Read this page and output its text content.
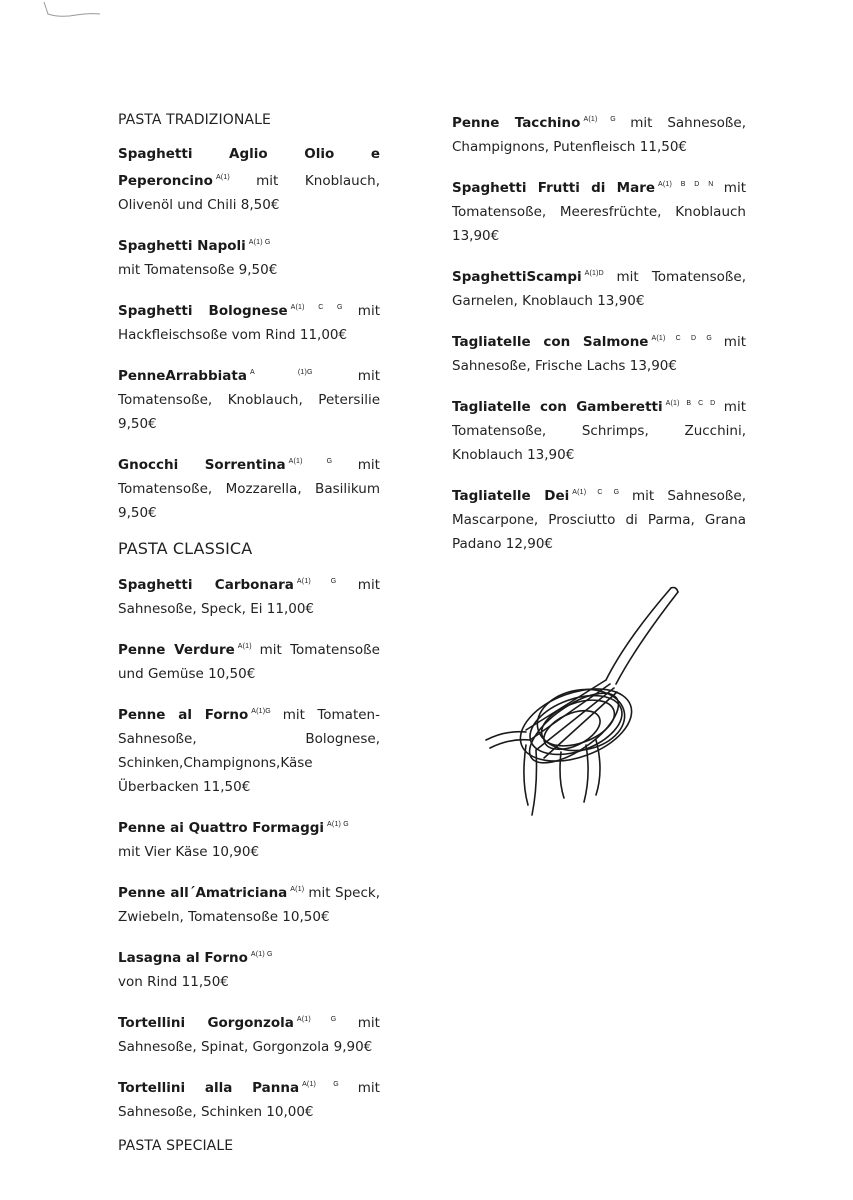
PASTA TRADIZIONALE
Spaghetti Aglio Olio e Peperoncino $^{A(1)}$ mit Knoblauch, Olivenöl und Chili 8,50€
Spaghetti Napoli $^{A(1) G}$
mit Tomatensoße 9,50€
Spaghetti Bolognese $^{A(1) C G}$ mit Hackfleischsoße vom Rind 11,00€
PenneArrabbiata $^{A (1)G}$	mit Tomatensoße, Knoblauch, Petersilie 9,50€
Gnocchi Sorrentina $^{A(1) G}$ mit Tomatensoße, Mozzarella, Basilikum 9,50€
PASTA CLASSICA
Spaghetti Carbonara $^{A(1) G}$ mit Sahnesoße, Speck, Ei 11,00€
Penne Verdure $^{A(1)}$ mit Tomatensoße und Gemüse 10,50€
Penne al Forno $^{A(1)G}$ mit Tomaten-Sahnesoße, Bolognese, Schinken,Champignons,Käse Überbacken 11,50€
Penne ai Quattro Formaggi $^{A(1) G}$
mit Vier Käse 10,90€
Penne all´Amatriciana $^{A(1)}$ mit Speck, Zwiebeln, Tomatensoße 10,50€
Lasagna al Forno $^{A(1) G}$
von Rind 11,50€
Tortellini Gorgonzola $^{A(1) G}$ mit Sahnesoße, Spinat, Gorgonzola 9,90€
Tortellini alla Panna $^{A(1) G}$ mit Sahnesoße, Schinken 10,00€
PASTA SPECIALE
Penne Tacchino $^{A(1) G}$ mit Sahnesoße, Champignons, Putenfleisch 11,50€
Spaghetti Frutti di Mare $^{A(1) B D N}$ mit Tomatensoße, Meeresfrüchte, Knoblauch 13,90€
SpaghettiScampi $^{A(1)D}$ mit Tomatensoße, Garnelen, Knoblauch 13,90€
Tagliatelle con Salmone $^{A(1) C D G}$ mit Sahnesoße, Frische Lachs 13,90€
Tagliatelle con Gamberetti $^{A(1) B C D}$ mit Tomatensoße, Schrimps, Zucchini, Knoblauch 13,90€
Tagliatelle Dei $^{A(1) C G}$ mit Sahnesoße, Mascarpone, Prosciutto di Parma, Grana Padano 12,90€
